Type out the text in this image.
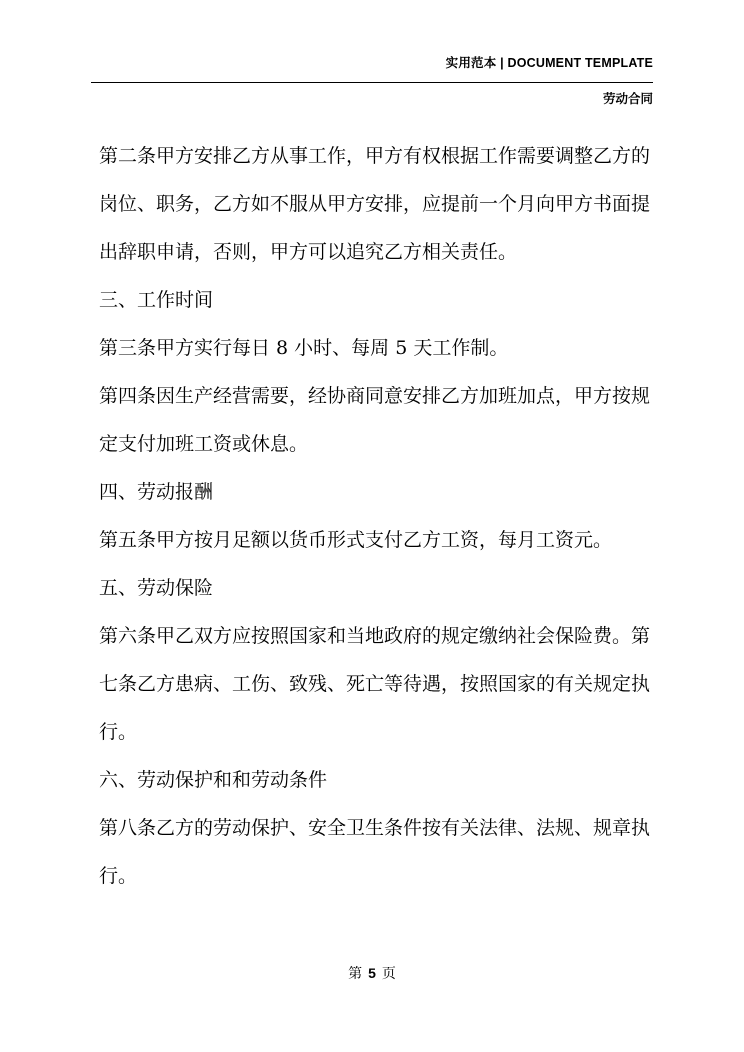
实用范本 | DOCUMENT TEMPLATE
劳动合同
第二条甲方安排乙方从事工作，甲方有权根据工作需要调整乙方的
岗位、职务，乙方如不服从甲方安排，应提前一个月向甲方书面提
出辞职申请，否则，甲方可以追究乙方相关责任。
三、工作时间
第三条甲方实行每日 8 小时、每周 5 天工作制。
第四条因生产经营需要，经协商同意安排乙方加班加点，甲方按规
定支付加班工资或休息。
四、劳动报酬
第五条甲方按月足额以货币形式支付乙方工资，每月工资元。
五、劳动保险
第六条甲乙双方应按照国家和当地政府的规定缴纳社会保险费。第
七条乙方患病、工伤、致残、死亡等待遇，按照国家的有关规定执
行。
六、劳动保护和和劳动条件
第八条乙方的劳动保护、安全卫生条件按有关法律、法规、规章执
行。
第 5 页
